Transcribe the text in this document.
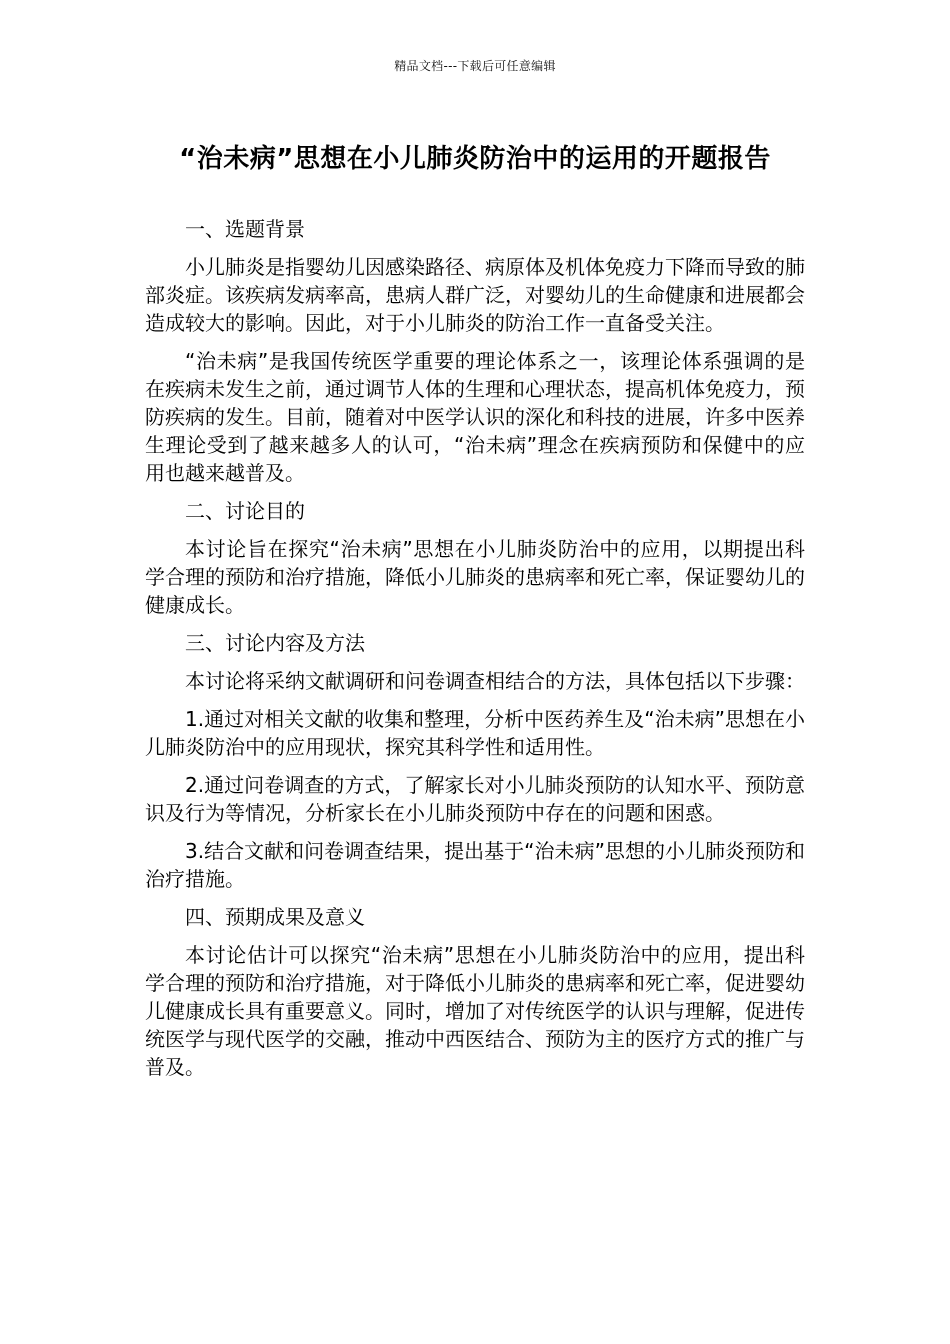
精品文档---下载后可任意编辑
“治未病”思想在小儿肺炎防治中的运用的开题报告

一、选题背景

小儿肺炎是指婴幼儿因感染路径、病原体及机体免疫力下降而导致的肺部炎症。该疾病发病率高，患病人群广泛，对婴幼儿的生命健康和进展都会造成较大的影响。因此，对于小儿肺炎的防治工作一直备受关注。

“治未病”是我国传统医学重要的理论体系之一，该理论体系强调的是在疾病未发生之前，通过调节人体的生理和心理状态，提高机体免疫力，预防疾病的发生。目前，随着对中医学认识的深化和科技的进展，许多中医养生理论受到了越来越多人的认可，“治未病”理念在疾病预防和保健中的应用也越来越普及。

二、讨论目的

本讨论旨在探究“治未病”思想在小儿肺炎防治中的应用，以期提出科学合理的预防和治疗措施，降低小儿肺炎的患病率和死亡率，保证婴幼儿的健康成长。

三、讨论内容及方法

本讨论将采纳文献调研和问卷调查相结合的方法，具体包括以下步骤：

1.通过对相关文献的收集和整理，分析中医药养生及“治未病”思想在小儿肺炎防治中的应用现状，探究其科学性和适用性。

2.通过问卷调查的方式，了解家长对小儿肺炎预防的认知水平、预防意识及行为等情况，分析家长在小儿肺炎预防中存在的问题和困惑。

3.结合文献和问卷调查结果，提出基于“治未病”思想的小儿肺炎预防和治疗措施。

四、预期成果及意义

本讨论估计可以探究“治未病”思想在小儿肺炎防治中的应用，提出科学合理的预防和治疗措施，对于降低小儿肺炎的患病率和死亡率，促进婴幼儿健康成长具有重要意义。同时，增加了对传统医学的认识与理解，促进传统医学与现代医学的交融，推动中西医结合、预防为主的医疗方式的推广与普及。
